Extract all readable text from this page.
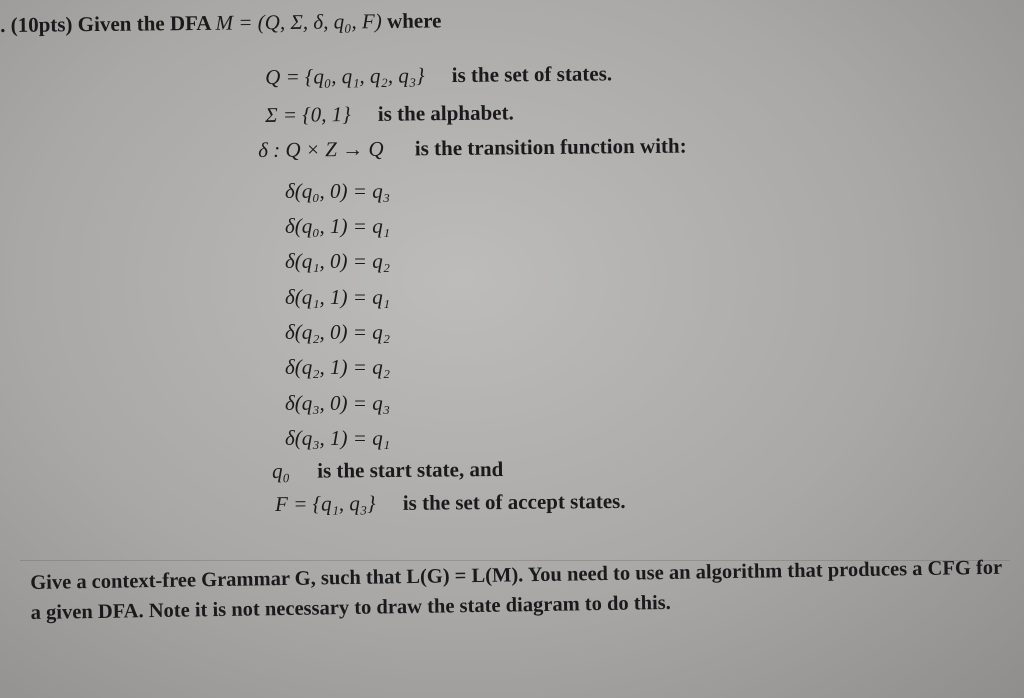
. (10pts) Given the DFA M = (Q, Σ, δ, q₀, F) where
Q = {q₀, q₁, q₂, q₃} is the set of states.
Σ = {0, 1} is the alphabet.
δ : Q × Z → Q is the transition function with:
δ(q₀, 0) = q₃
δ(q₀, 1) = q₁
δ(q₁, 0) = q₂
δ(q₁, 1) = q₁
δ(q₂, 0) = q₂
δ(q₂, 1) = q₂
δ(q₃, 0) = q₃
δ(q₃, 1) = q₁
q₀ is the start state, and
F = {q₁, q₃} is the set of accept states.
Give a context-free Grammar G, such that L(G) = L(M). You need to use an algorithm that produces a CFG for a given DFA. Note it is not necessary to draw the state diagram to do this.
